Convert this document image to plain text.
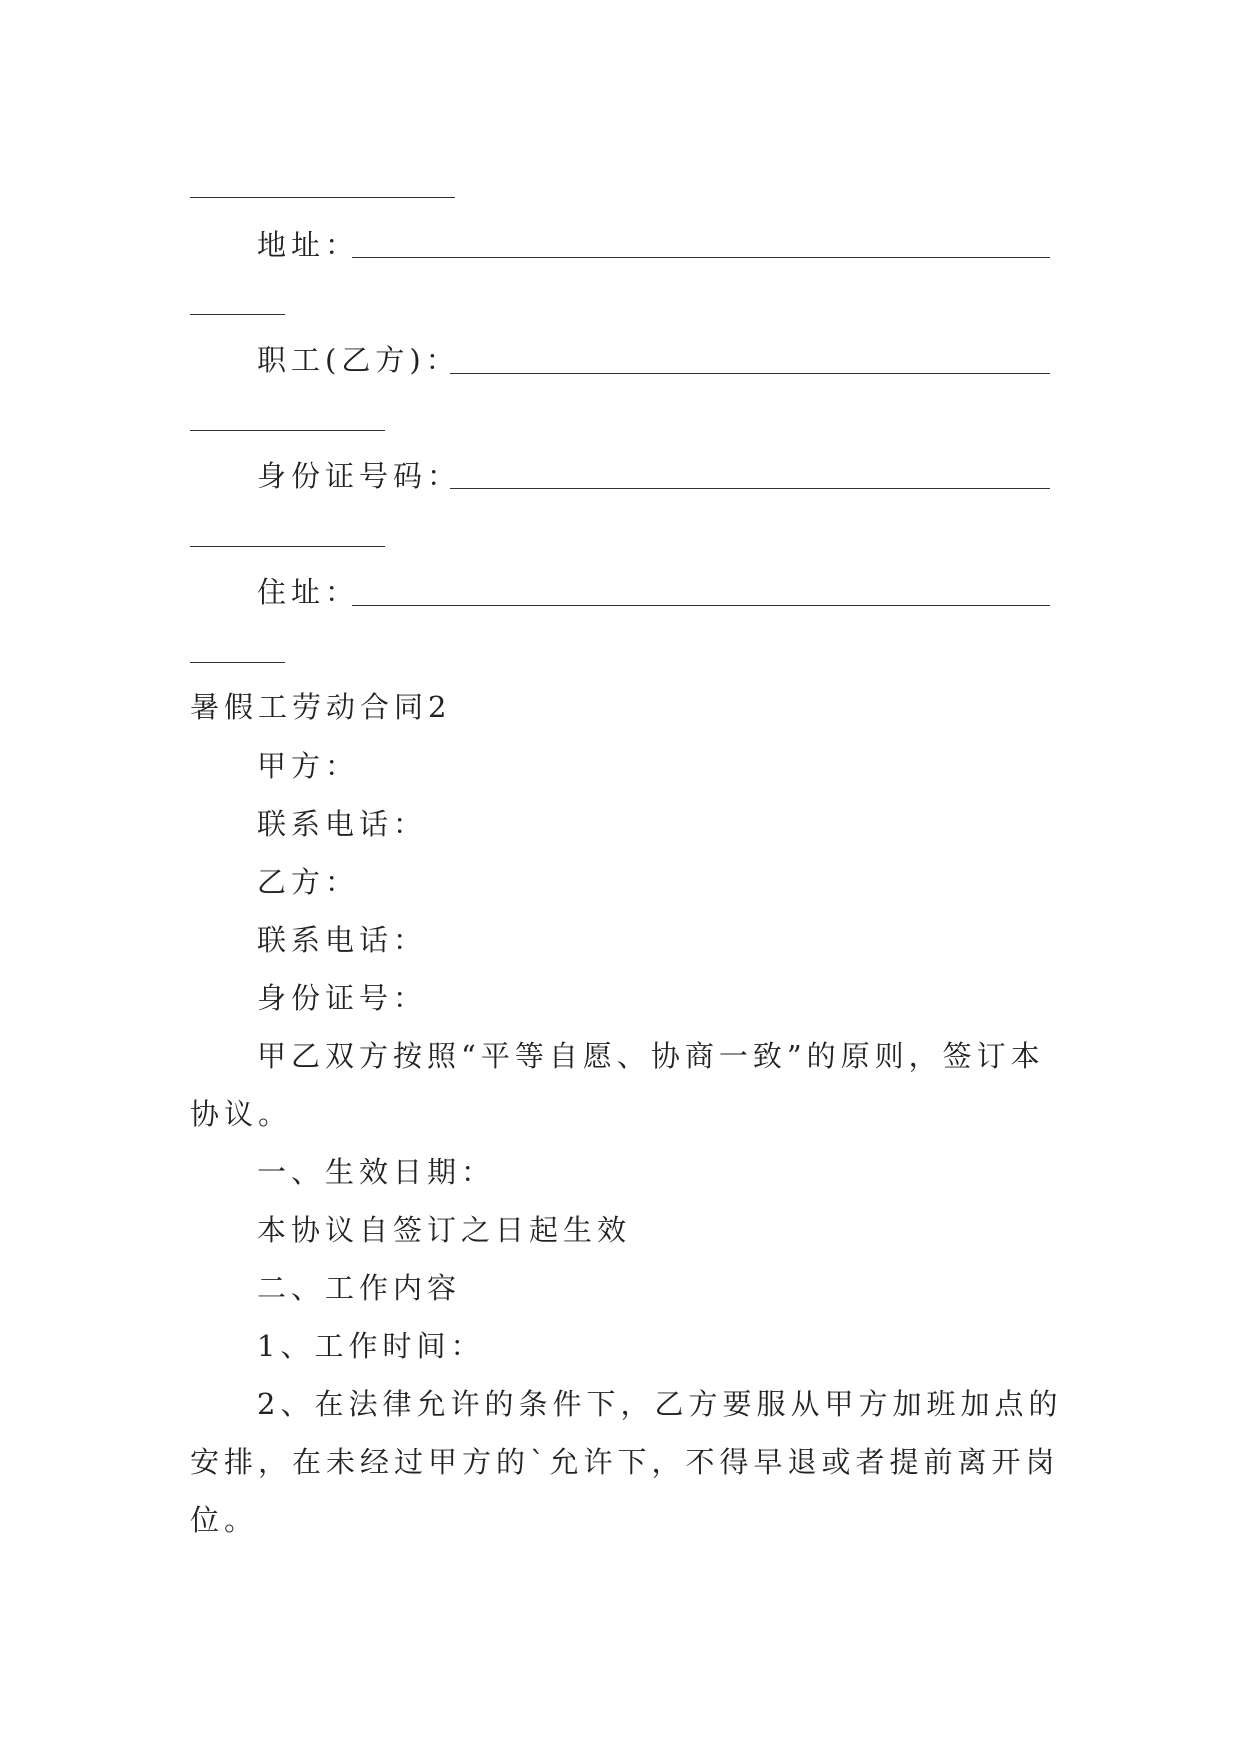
地址：
职工(乙方)：
身份证号码：
住址：
暑假工劳动合同2
甲方：
联系电话：
乙方：
联系电话：
身份证号：
甲乙双方按照“平等自愿、协商一致”的原则，签订本
协议。
一、生效日期：
本协议自签订之日起生效
二、工作内容
1、工作时间：
2、在法律允许的条件下，乙方要服从甲方加班加点的
安排，在未经过甲方的`允许下，不得早退或者提前离开岗
位。
